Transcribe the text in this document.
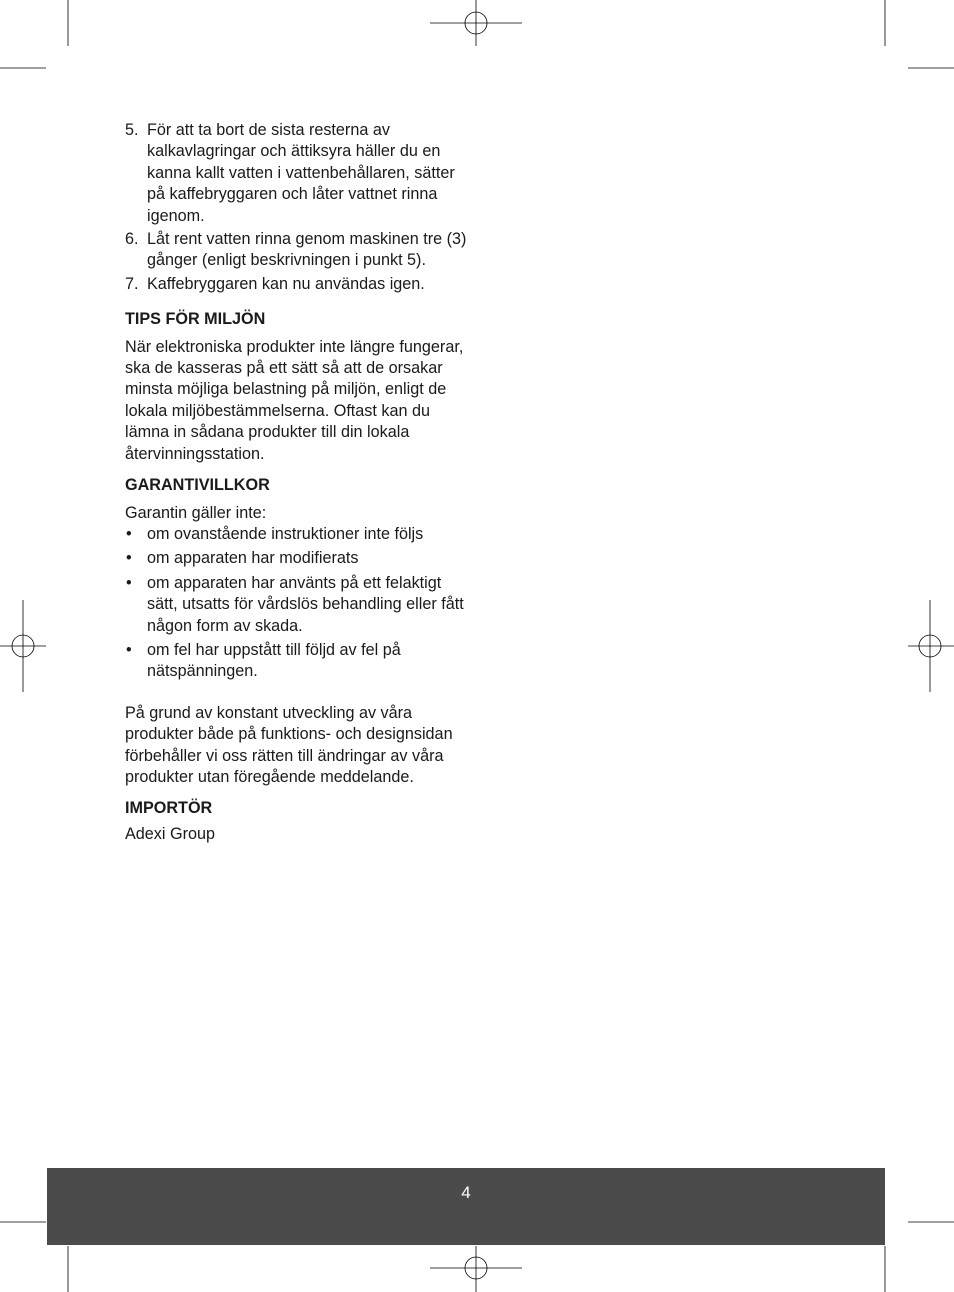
5. För att ta bort de sista resterna av kalkavlagringar och ättiksyra häller du en kanna kallt vatten i vattenbehållaren, sätter på kaffebryggaren och låter vattnet rinna igenom.
6. Låt rent vatten rinna genom maskinen tre (3) gånger (enligt beskrivningen i punkt 5).
7. Kaffebryggaren kan nu användas igen.
TIPS FÖR MILJÖN

När elektroniska produkter inte längre fungerar, ska de kasseras på ett sätt så att de orsakar minsta möjliga belastning på miljön, enligt de lokala miljöbestämmelserna. Oftast kan du lämna in sådana produkter till din lokala återvinningsstation.

GARANTIVILLKOR

Garantin gäller inte:

• om ovanstående instruktioner inte följs
• om apparaten har modifierats
• om apparaten har använts på ett felaktigt sätt, utsatts för vårdslös behandling eller fått någon form av skada.
• om fel har uppstått till följd av fel på nätspänningen.

På grund av konstant utveckling av våra produkter både på funktions- och designsidan förbehåller vi oss rätten till ändringar av våra produkter utan föregående meddelande.

IMPORTÖR

Adexi Group

4
